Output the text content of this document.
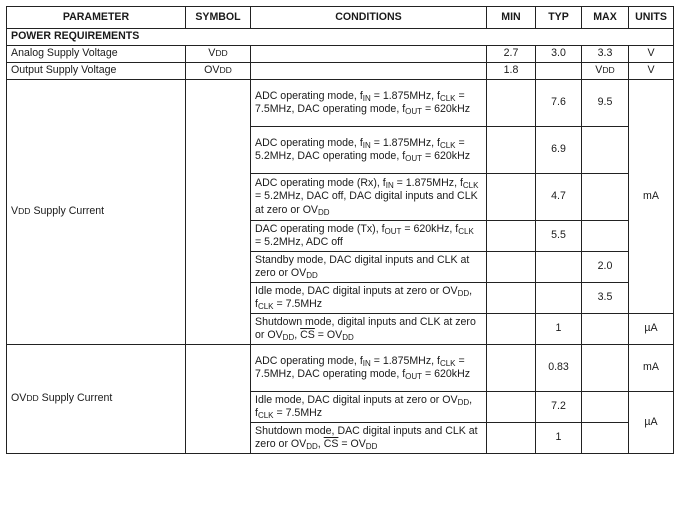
PARAMETER	SYMBOL	CONDITIONS	MIN	TYP	MAX	UNITS
POWER REQUIREMENTS						
Analog Supply Voltage	VDD		2.7	3.0	3.3	V
Output Supply Voltage	OVDD		1.8		VDD	V
VDD Supply Current		ADC operating mode, $f_{IN} = 1.875MHz$, $f_{CLK} = 7.5MHz$, DAC operating mode, $f_{OUT} = 620kHz$		7.6	9.5	mA
		ADC operating mode, $f_{IN} = 1.875MHz$, $f_{CLK} = 5.2MHz$, DAC operating mode, $f_{OUT} = 620kHz$		6.9		
		ADC operating mode (Rx), $f_{IN} = 1.875MHz$, $f_{CLK} = 5.2MHz$, DAC off, DAC digital inputs and CLK at zero or $OV_{DD}$		4.7		
		DAC operating mode (Tx), $f_{OUT} = 620kHz$, $f_{CLK} = 5.2MHz$, ADC off		5.5		
		Standby mode, DAC digital inputs and CLK at zero or $OV_{DD}$			2.0	
		Idle mode, DAC digital inputs at zero or $OV_{DD}$, $f_{CLK} = 7.5MHz$			3.5	
		Shutdown mode, digital inputs and CLK at zero or $OV_{DD}$, $\overline{CS} = OV_{DD}$		1		µA
OVDD Supply Current		ADC operating mode, $f_{IN} = 1.875MHz$, $f_{CLK} = 7.5MHz$, DAC operating mode, $f_{OUT} = 620kHz$		0.83		mA
		Idle mode, DAC digital inputs at zero or $OV_{DD}$, $f_{CLK} = 7.5MHz$		7.2		µA
		Shutdown mode, DAC digital inputs and CLK at zero or $OV_{DD}$, $\overline{CS} = OV_{DD}$		1		
